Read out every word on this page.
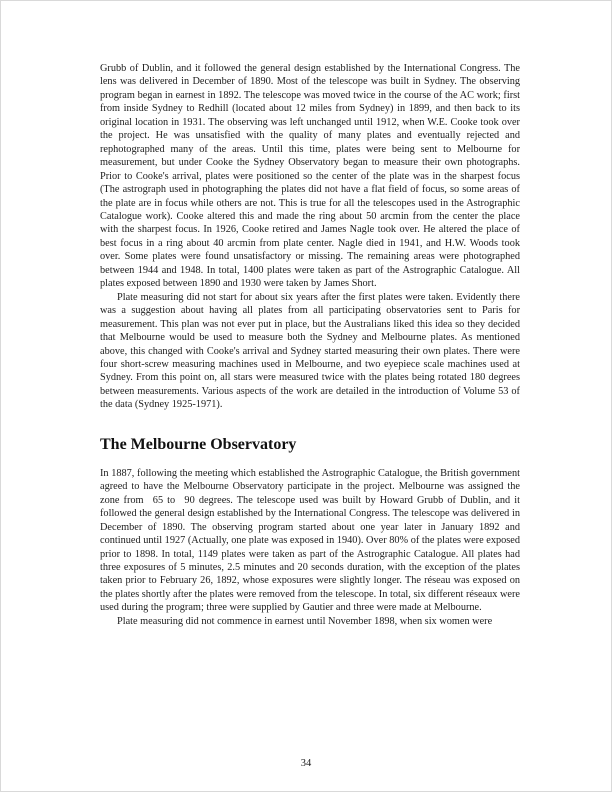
Grubb of Dublin, and it followed the general design established by the International Congress. The lens was delivered in December of 1890. Most of the telescope was built in Sydney. The observing program began in earnest in 1892. The telescope was moved twice in the course of the AC work; first from inside Sydney to Redhill (located about 12 miles from Sydney) in 1899, and then back to its original location in 1931. The observing was left unchanged until 1912, when W.E. Cooke took over the project. He was unsatisfied with the quality of many plates and eventually rejected and rephotographed many of the areas. Until this time, plates were being sent to Melbourne for measurement, but under Cooke the Sydney Observatory began to measure their own photographs. Prior to Cooke's arrival, plates were positioned so the center of the plate was in the sharpest focus (The astrograph used in photographing the plates did not have a flat field of focus, so some areas of the plate are in focus while others are not. This is true for all the telescopes used in the Astrographic Catalogue work). Cooke altered this and made the ring about 50 arcmin from the center the place with the sharpest focus. In 1926, Cooke retired and James Nagle took over. He altered the place of best focus in a ring about 40 arcmin from plate center. Nagle died in 1941, and H.W. Woods took over. Some plates were found unsatisfactory or missing. The remaining areas were photographed between 1944 and 1948. In total, 1400 plates were taken as part of the Astrographic Catalogue. All plates exposed between 1890 and 1930 were taken by James Short.

Plate measuring did not start for about six years after the first plates were taken. Evidently there was a suggestion about having all plates from all participating observatories sent to Paris for measurement. This plan was not ever put in place, but the Australians liked this idea so they decided that Melbourne would be used to measure both the Sydney and Melbourne plates. As mentioned above, this changed with Cooke's arrival and Sydney started measuring their own plates. There were four short-screw measuring machines used in Melbourne, and two eyepiece scale machines used at Sydney. From this point on, all stars were measured twice with the plates being rotated 180 degrees between measurements. Various aspects of the work are detailed in the introduction of Volume 53 of the data (Sydney 1925-1971).

The Melbourne Observatory

In 1887, following the meeting which established the Astrographic Catalogue, the British government agreed to have the Melbourne Observatory participate in the project. Melbourne was assigned the zone from  65 to  90 degrees. The telescope used was built by Howard Grubb of Dublin, and it followed the general design established by the International Congress. The telescope was delivered in December of 1890. The observing program started about one year later in January 1892 and continued until 1927 (Actually, one plate was exposed in 1940). Over 80% of the plates were exposed prior to 1898. In total, 1149 plates were taken as part of the Astrographic Catalogue. All plates had three exposures of 5 minutes, 2.5 minutes and 20 seconds duration, with the exception of the plates taken prior to February 26, 1892, whose exposures were slightly longer. The réseau was exposed on the plates shortly after the plates were removed from the telescope. In total, six different réseaux were used during the program; three were supplied by Gautier and three were made at Melbourne.

Plate measuring did not commence in earnest until November 1898, when six women were

34
